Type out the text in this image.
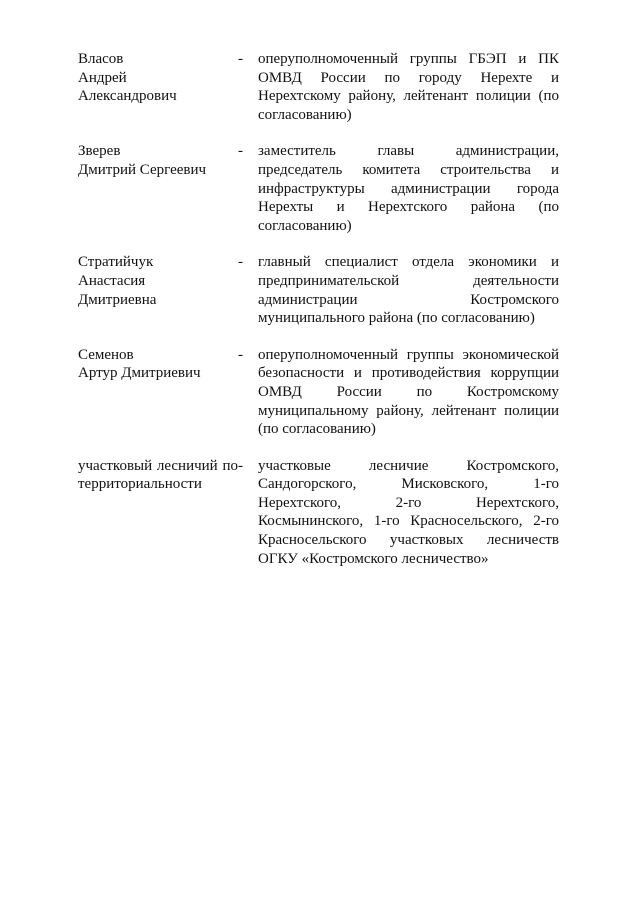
Власов
Андрей
Александрович
-	оперуполномоченный группы ГБЭП и ПК ОМВД России по городу Нерехте и Нерехтскому району, лейтенант полиции (по согласованию)
Зверев
Дмитрий Сергеевич
-	заместитель главы администрации, председатель комитета строительства и инфраструктуры администрации города Нерехты и Нерехтского района (по согласованию)
Стратийчук
Анастасия
Дмитриевна
-	главный специалист отдела экономики и предпринимательской деятельности администрации Костромского муниципального района (по согласованию)
Семенов
Артур Дмитриевич
-	оперуполномоченный группы экономической безопасности и противодействия коррупции ОМВД России по Костромскому муниципальному району, лейтенант полиции (по согласованию)
участковый лесничий по территориальности
-	участковые лесничие Костромского, Сандогорского, Мисковского, 1-го Нерехтского, 2-го Нерехтского, Космынинского, 1-го Красносельского, 2-го Красносельского участковых лесничеств ОГКУ «Костромского лесничество»
